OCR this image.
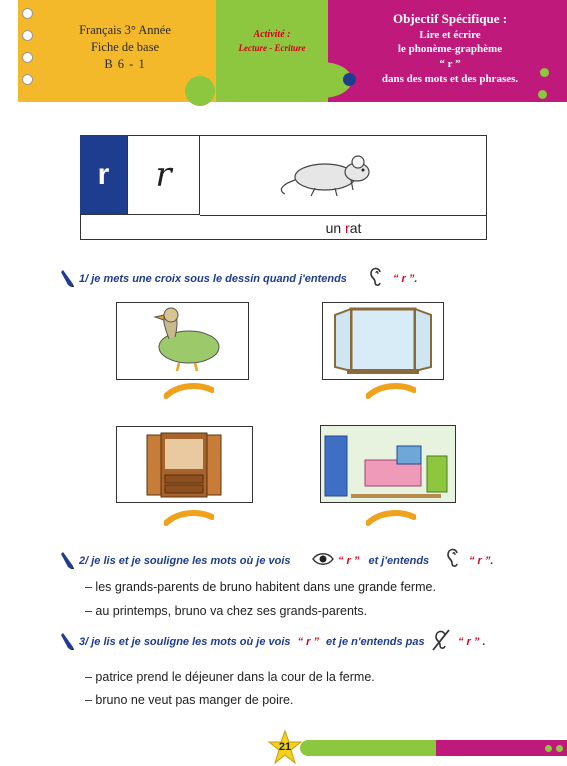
Français 3° Année
Fiche de base
B 6 - 1
Activité :
Lecture - Ecriture
Objectif Spécifique :
Lire et écrire
le phonème-graphème
“ r ”
dans des mots et des phrases.
r	r
un rat
1/ je mets une croix sous le dessin quand j'entends	“ r ”.
2/ je lis et je souligne les mots où je vois	“ r ” et j'entends	“ r ”.
– les grands-parents de bruno habitent dans une grande ferme.
– au printemps, bruno va chez ses grands-parents.
3/ je lis et je souligne les mots où je vois “ r ” et je n'entends pas	“ r ” .
– patrice prend le déjeuner dans la cour de la ferme.
– bruno ne veut pas manger de poire.
21
